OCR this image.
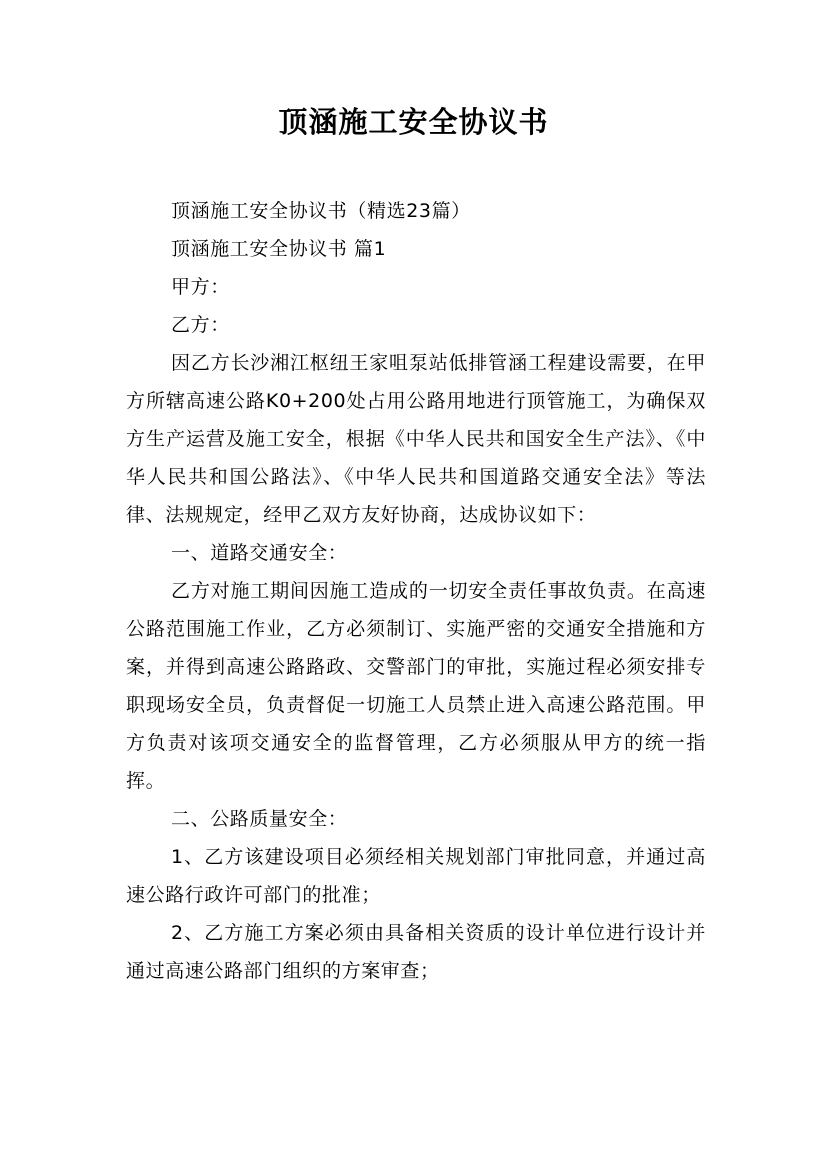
顶涵施工安全协议书

顶涵施工安全协议书（精选23篇）

顶涵施工安全协议书 篇1

甲方：

乙方：

因乙方长沙湘江枢纽王家咀泵站低排管涵工程建设需要，在甲方所辖高速公路K0+200处占用公路用地进行顶管施工，为确保双方生产运营及施工安全，根据《中华人民共和国安全生产法》、《中华人民共和国公路法》、《中华人民共和国道路交通安全法》等法律、法规规定，经甲乙双方友好协商，达成协议如下：

一、道路交通安全：

乙方对施工期间因施工造成的一切安全责任事故负责。在高速公路范围施工作业，乙方必须制订、实施严密的交通安全措施和方案，并得到高速公路路政、交警部门的审批，实施过程必须安排专职现场安全员，负责督促一切施工人员禁止进入高速公路范围。甲方负责对该项交通安全的监督管理，乙方必须服从甲方的统一指挥。

二、公路质量安全：

1、乙方该建设项目必须经相关规划部门审批同意，并通过高速公路行政许可部门的批准；

2、乙方施工方案必须由具备相关资质的设计单位进行设计并通过高速公路部门组织的方案审查；
